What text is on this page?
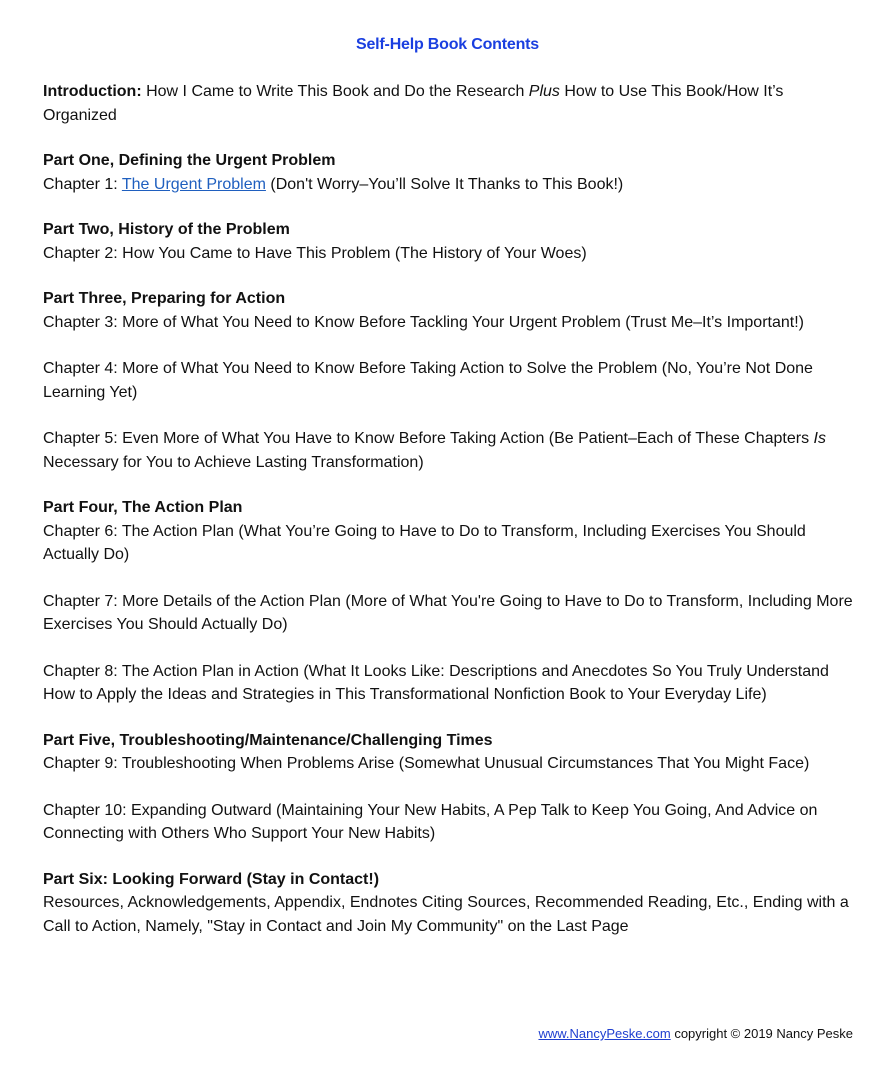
Self-Help Book Contents

Introduction: How I Came to Write This Book and Do the Research Plus How to Use This Book/How It’s Organized

Part One, Defining the Urgent Problem

Chapter 1: The Urgent Problem (Don't Worry–You’ll Solve It Thanks to This Book!)

Part Two, History of the Problem

Chapter 2: How You Came to Have This Problem (The History of Your Woes)

Part Three, Preparing for Action

Chapter 3: More of What You Need to Know Before Tackling Your Urgent Problem (Trust Me–It’s Important!)

Chapter 4: More of What You Need to Know Before Taking Action to Solve the Problem (No, You’re Not Done Learning Yet)

Chapter 5: Even More of What You Have to Know Before Taking Action (Be Patient–Each of These Chapters Is Necessary for You to Achieve Lasting Transformation)

Part Four, The Action Plan

Chapter 6: The Action Plan (What You’re Going to Have to Do to Transform, Including Exercises You Should Actually Do)

Chapter 7: More Details of the Action Plan (More of What You're Going to Have to Do to Transform, Including More Exercises You Should Actually Do)

Chapter 8: The Action Plan in Action (What It Looks Like: Descriptions and Anecdotes So You Truly Understand How to Apply the Ideas and Strategies in This Transformational Nonfiction Book to Your Everyday Life)

Part Five, Troubleshooting/Maintenance/Challenging Times

Chapter 9: Troubleshooting When Problems Arise (Somewhat Unusual Circumstances That You Might Face)

Chapter 10: Expanding Outward (Maintaining Your New Habits, A Pep Talk to Keep You Going, And Advice on Connecting with Others Who Support Your New Habits)

Part Six: Looking Forward (Stay in Contact!)

Resources, Acknowledgements, Appendix, Endnotes Citing Sources, Recommended Reading, Etc., Ending with a Call to Action, Namely, "Stay in Contact and Join My Community" on the Last Page

www.NancyPeske.com copyright © 2019 Nancy Peske
